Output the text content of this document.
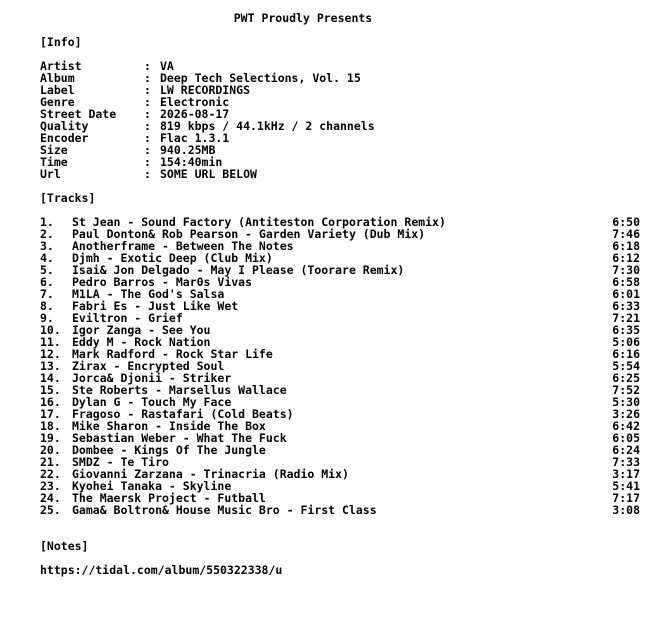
PWT Proudly Presents
[Info]
Artist	: VA
Album	: Deep Tech Selections, Vol. 15
Label	: LW RECORDINGS
Genre	: Electronic
Street Date : 2026-08-17
Quality	: 819 kbps / 44.1kHz / 2 channels
Encoder	: Flac 1.3.1
Size	: 940.25MB
Time	: 154:40min
Url	: SOME URL BELOW
[Tracks]
1. St Jean - Sound Factory (Antiteston Corporation Remix)	6:50
2. Paul Donton& Rob Pearson - Garden Variety (Dub Mix)	7:46
3. Anotherframe - Between The Notes	6:18
4. Djmh - Exotic Deep (Club Mix)	6:12
5. Isai& Jon Delgado - May I Please (Toorare Remix)	7:30
6. Pedro Barros - Mar0s Vivas	6:58
7. M1LA - The God's Salsa	6:01
8. Fabri Es - Just Like Wet	6:33
9. Eviltron - Grief	7:21
10. Igor Zanga - See You	6:35
11. Eddy M - Rock Nation	5:06
12. Mark Radford - Rock Star Life	6:16
13. Zirax - Encrypted Soul	5:54
14. Jorca& Djonii - Striker	6:25
15. Ste Roberts - Marsellus Wallace	7:52
16. Dylan G - Touch My Face	5:30
17. Fragoso - Rastafari (Cold Beats)	3:26
18. Mike Sharon - Inside The Box	6:42
19. Sebastian Weber - What The Fuck	6:05
20. Dombee - Kings Of The Jungle	6:24
21. SMDZ - Te Tiro	7:33
22. Giovanni Zarzana - Trinacria (Radio Mix)	3:17
23. Kyohei Tanaka - Skyline	5:41
24. The Maersk Project - Futball	7:17
25. Gama& Boltron& House Music Bro - First Class	3:08
[Notes]
https://tidal.com/album/550322338/u
